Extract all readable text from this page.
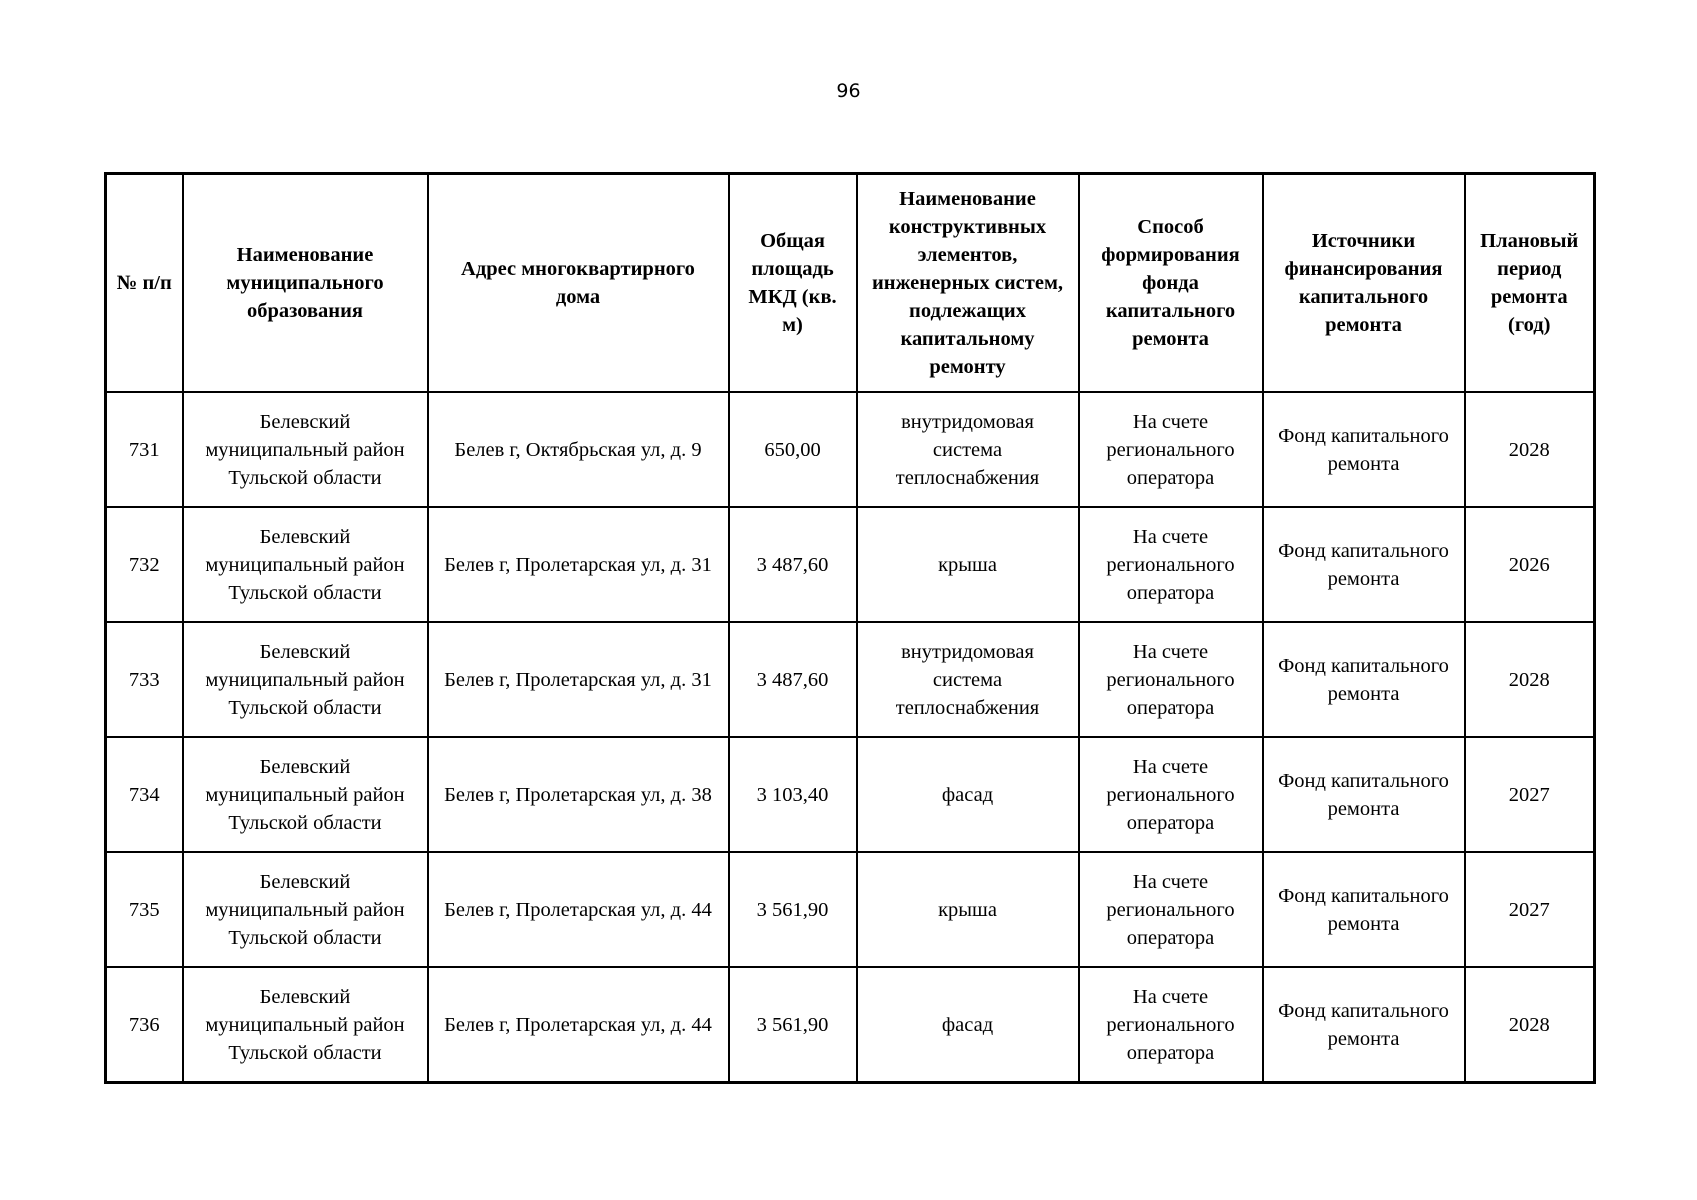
96
№ п/п	Наименование муниципального образования	Адрес многоквартирного дома	Общая площадь МКД (кв. м)	Наименование конструктивных элементов, инженерных систем, подлежащих капитальному ремонту	Способ формирования фонда капитального ремонта	Источники финансирования капитального ремонта	Плановый период ремонта (год)
731	Белевский муниципальный район Тульской области	Белев г, Октябрьская ул, д. 9	650,00	внутридомовая система теплоснабжения	На счете регионального оператора	Фонд капитального ремонта	2028
732	Белевский муниципальный район Тульской области	Белев г, Пролетарская ул, д. 31	3 487,60	крыша	На счете регионального оператора	Фонд капитального ремонта	2026
733	Белевский муниципальный район Тульской области	Белев г, Пролетарская ул, д. 31	3 487,60	внутридомовая система теплоснабжения	На счете регионального оператора	Фонд капитального ремонта	2028
734	Белевский муниципальный район Тульской области	Белев г, Пролетарская ул, д. 38	3 103,40	фасад	На счете регионального оператора	Фонд капитального ремонта	2027
735	Белевский муниципальный район Тульской области	Белев г, Пролетарская ул, д. 44	3 561,90	крыша	На счете регионального оператора	Фонд капитального ремонта	2027
736	Белевский муниципальный район Тульской области	Белев г, Пролетарская ул, д. 44	3 561,90	фасад	На счете регионального оператора	Фонд капитального ремонта	2028
